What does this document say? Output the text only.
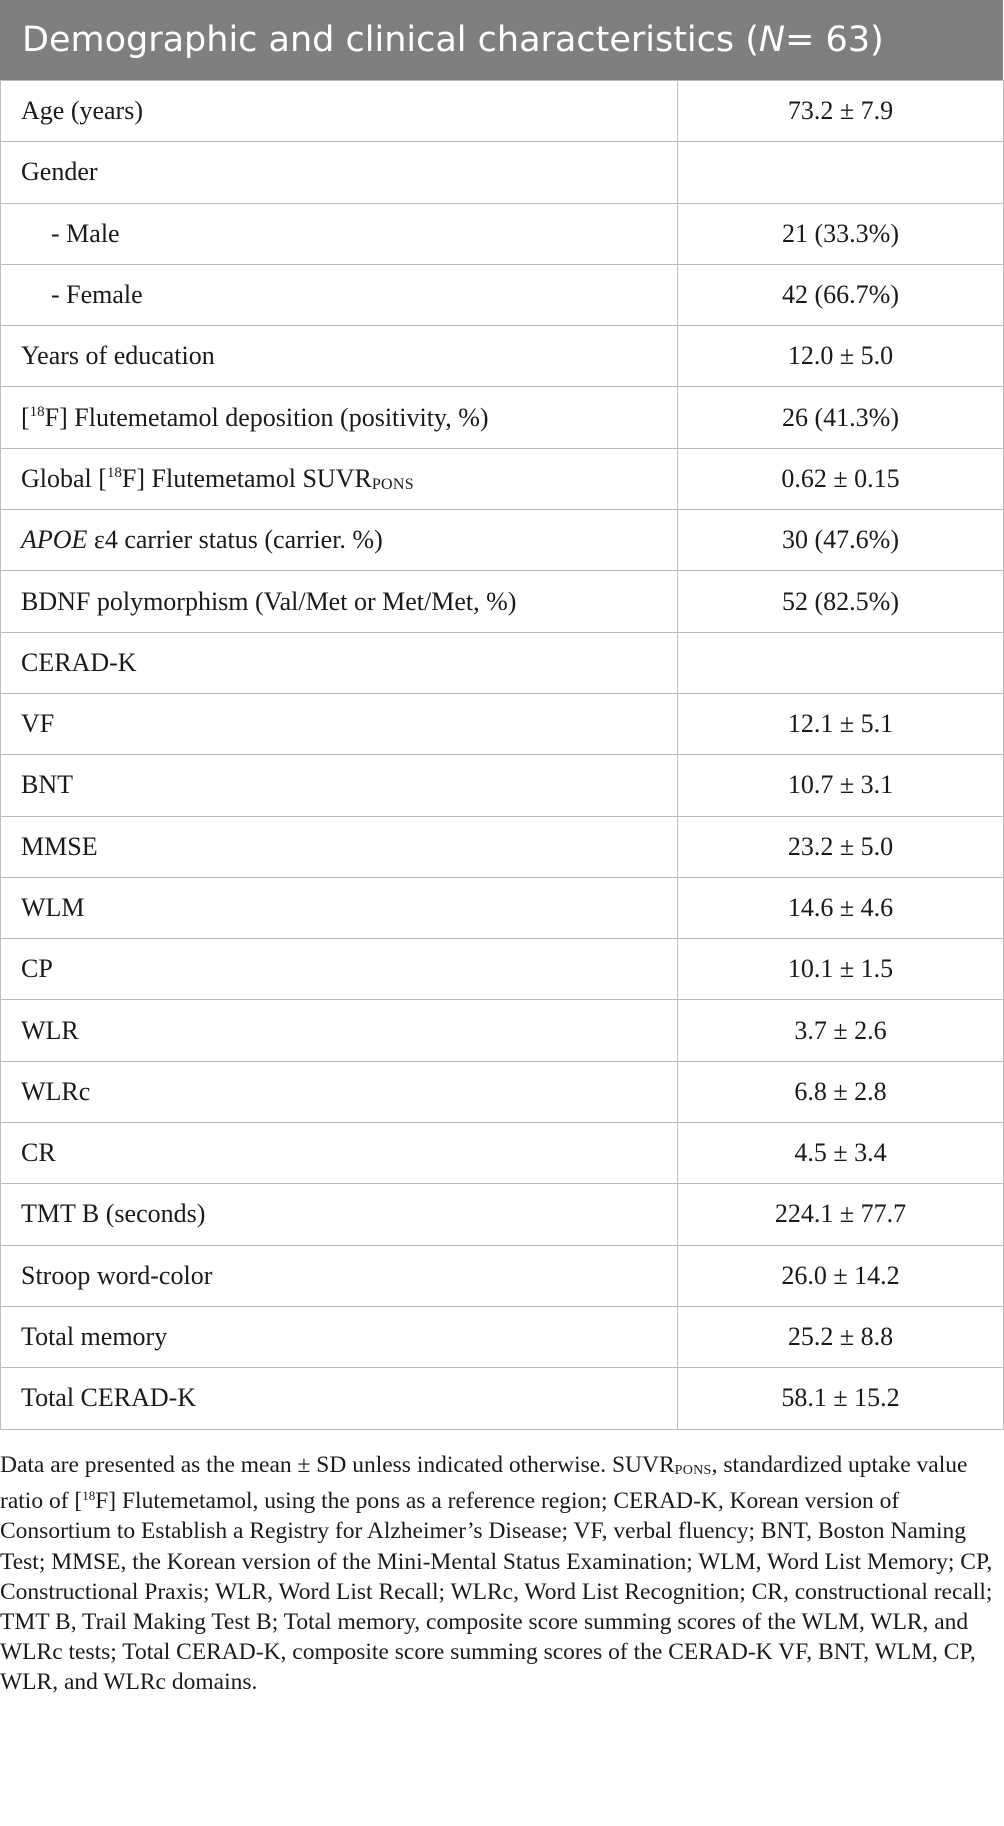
Demographic and clinical characteristics ( N = 63)
Age (years)	73.2 ± 7.9
Gender	
- Male	21 (33.3%)
- Female	42 (66.7%)
Years of education	12.0 ± 5.0
[$^{18}$F] Flutemetamol deposition (positivity, %)	26 (41.3%)
Global [$^{18}$F] Flutemetamol $SUVR_{PONS}$	0.62 ± 0.15
APOE ε4 carrier status (carrier. %)	30 (47.6%)
BDNF polymorphism (Val/Met or Met/Met, %)	52 (82.5%)
CERAD-K	
VF	12.1 ± 5.1
BNT	10.7 ± 3.1
MMSE	23.2 ± 5.0
WLM	14.6 ± 4.6
CP	10.1 ± 1.5
WLR	3.7 ± 2.6
WLRc	6.8 ± 2.8
CR	4.5 ± 3.4
TMT B (seconds)	224.1 ± 77.7
Stroop word-color	26.0 ± 14.2
Total memory	25.2 ± 8.8
Total CERAD-K	58.1 ± 15.2

Data are presented as the mean ± SD unless indicated otherwise. $SUVR_{PONS}$, standardized uptake value ratio of [$^{18}$F] Flutemetamol, using the pons as a reference region; CERAD-K, Korean version of Consortium to Establish a Registry for Alzheimer’s Disease; VF, verbal fluency; BNT, Boston Naming Test; MMSE, the Korean version of the Mini-Mental Status Examination; WLM, Word List Memory; CP, Constructional Praxis; WLR, Word List Recall; WLRc, Word List Recognition; CR, constructional recall; TMT B, Trail Making Test B; Total memory, composite score summing scores of the WLM, WLR, and WLRc tests; Total CERAD-K, composite score summing scores of the CERAD-K VF, BNT, WLM, CP, WLR, and WLRc domains.
